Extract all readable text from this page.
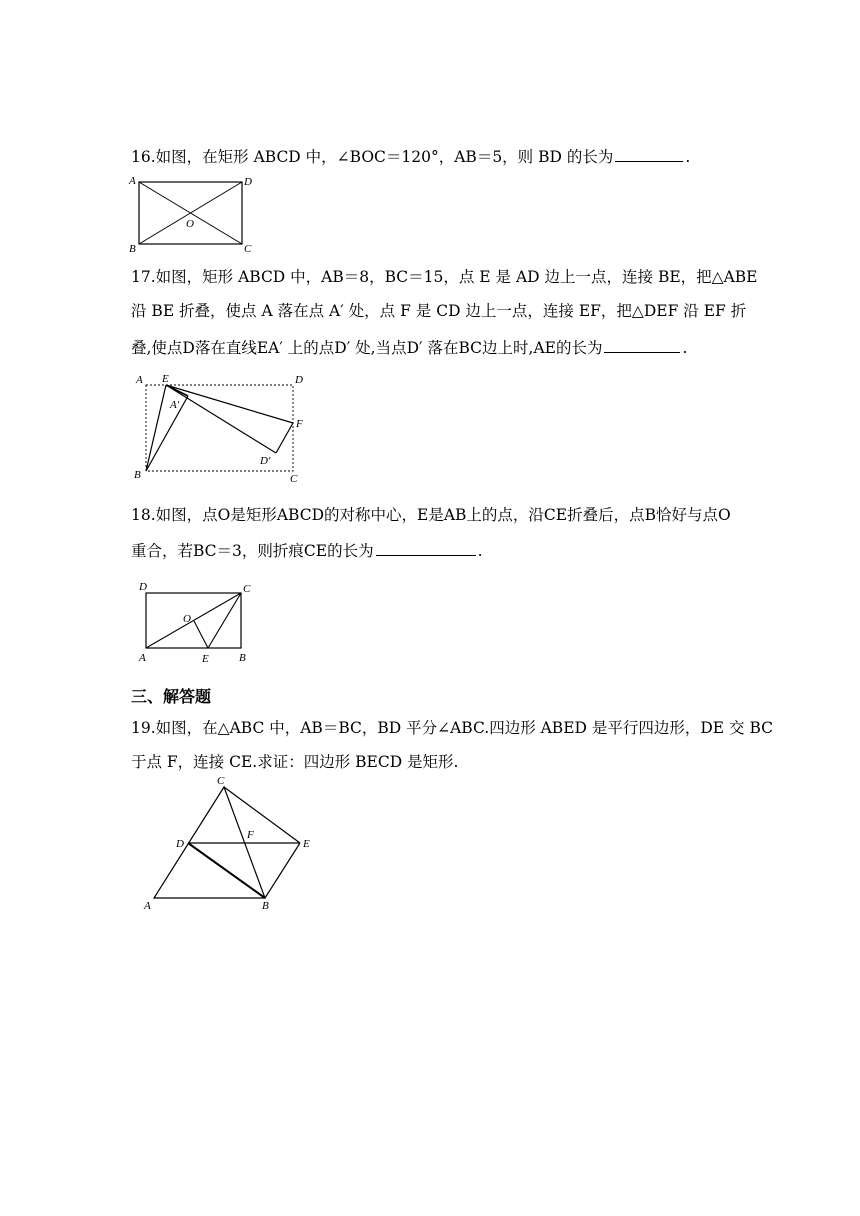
16.如图，在矩形 ABCD 中，∠BOC＝120°，AB＝5，则 BD 的长为	.
A	D
O
B	C
17.如图，矩形 ABCD 中，AB＝8，BC＝15，点 E 是 AD 边上一点，连接 BE，把△ABE
沿 BE 折叠，使点 A 落在点 A′ 处，点 F 是 CD 边上一点，连接 EF，把△DEF 沿 EF 折
叠,使点D落在直线EA′ 上的点D′ 处,当点D′ 落在BC边上时,AE的长为	.
A E	D
A′
F
B
D′
C
18.如图，点O是矩形ABCD的对称中心，E是AB上的点，沿CE折叠后，点B恰好与点O
重合，若BC＝3，则折痕CE的长为	.
D	C
O
A	E	B
三、解答题
19.如图，在△ABC 中，AB＝BC，BD 平分∠ABC.四边形 ABED 是平行四边形，DE 交 BC
于点 F，连接 CE.求证：四边形 BECD 是矩形.
C
D
F
E
A	B
